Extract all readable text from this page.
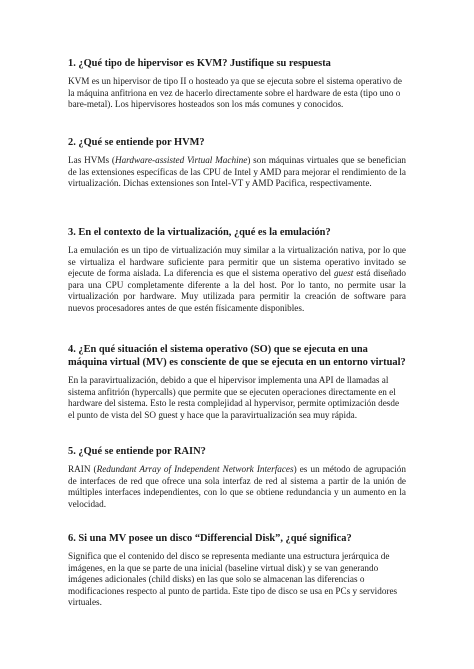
1. ¿Qué tipo de hipervisor es KVM? Justifique su respuesta

KVM es un hipervisor de tipo II o hosteado ya que se ejecuta sobre el sistema operativo de la máquina anfitriona en vez de hacerlo directamente sobre el hardware de esta (tipo uno o bare-metal). Los hipervisores hosteados son los más comunes y conocidos.

2. ¿Qué se entiende por HVM?

Las HVMs (Hardware-assisted Virtual Machine) son máquinas virtuales que se benefician de las extensiones específicas de las CPU de Intel y AMD para mejorar el rendimiento de la virtualización. Dichas extensiones son Intel-VT y AMD Pacifica, respectivamente.

3. En el contexto de la virtualización, ¿qué es la emulación?

La emulación es un tipo de virtualización muy similar a la virtualización nativa, por lo que se virtualiza el hardware suficiente para permitir que un sistema operativo invitado se ejecute de forma aislada. La diferencia es que el sistema operativo del guest está diseñado para una CPU completamente diferente a la del host. Por lo tanto, no permite usar la virtualización por hardware. Muy utilizada para permitir la creación de software para nuevos procesadores antes de que estén físicamente disponibles.

4. ¿En qué situación el sistema operativo (SO) que se ejecuta en una máquina virtual (MV) es consciente de que se ejecuta en un entorno virtual?

En la paravirtualización, debido a que el hipervisor implementa una API de llamadas al sistema anfitrión (hypercalls) que permite que se ejecuten operaciones directamente en el hardware del sistema. Esto le resta complejidad al hypervisor, permite optimización desde el punto de vista del SO guest y hace que la paravirtualización sea muy rápida.

5. ¿Qué se entiende por RAIN?

RAIN (Redundant Array of Independent Network Interfaces) es un método de agrupación de interfaces de red que ofrece una sola interfaz de red al sistema a partir de la unión de múltiples interfaces independientes, con lo que se obtiene redundancia y un aumento en la velocidad.

6. Si una MV posee un disco “Differencial Disk”, ¿qué significa?

Significa que el contenido del disco se representa mediante una estructura jerárquica de imágenes, en la que se parte de una inicial (baseline virtual disk) y se van generando imágenes adicionales (child disks) en las que solo se almacenan las diferencias o modificaciones respecto al punto de partida. Este tipo de disco se usa en PCs y servidores virtuales.
